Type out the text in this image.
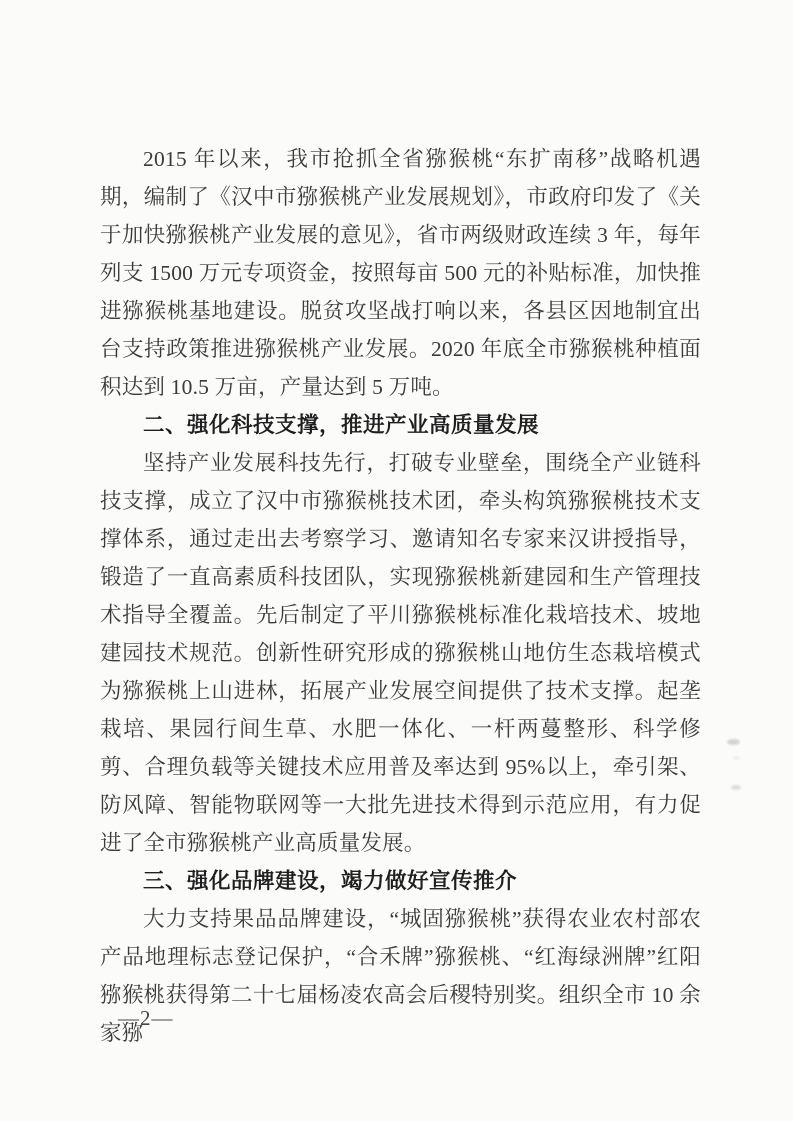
2015 年以来，我市抢抓全省猕猴桃“东扩南移”战略机遇期，编制了《汉中市猕猴桃产业发展规划》，市政府印发了《关于加快猕猴桃产业发展的意见》，省市两级财政连续 3 年，每年列支 1500 万元专项资金，按照每亩 500 元的补贴标准，加快推进猕猴桃基地建设。脱贫攻坚战打响以来，各县区因地制宜出台支持政策推进猕猴桃产业发展。2020 年底全市猕猴桃种植面积达到 10.5 万亩，产量达到 5 万吨。

二、强化科技支撑，推进产业高质量发展

坚持产业发展科技先行，打破专业壁垒，围绕全产业链科技支撑，成立了汉中市猕猴桃技术团，牵头构筑猕猴桃技术支撑体系，通过走出去考察学习、邀请知名专家来汉讲授指导，锻造了一直高素质科技团队，实现猕猴桃新建园和生产管理技术指导全覆盖。先后制定了平川猕猴桃标准化栽培技术、坡地建园技术规范。创新性研究形成的猕猴桃山地仿生态栽培模式为猕猴桃上山进林，拓展产业发展空间提供了技术支撑。起垄栽培、果园行间生草、水肥一体化、一杆两蔓整形、科学修剪、合理负载等关键技术应用普及率达到 95%以上，牵引架、防风障、智能物联网等一大批先进技术得到示范应用，有力促进了全市猕猴桃产业高质量发展。

三、强化品牌建设，竭力做好宣传推介

大力支持果品品牌建设，“城固猕猴桃”获得农业农村部农产品地理标志登记保护，“合禾牌”猕猴桃、“红海绿洲牌”红阳猕猴桃获得第二十七届杨凌农高会后稷特别奖。组织全市 10 余家猕

—2—
